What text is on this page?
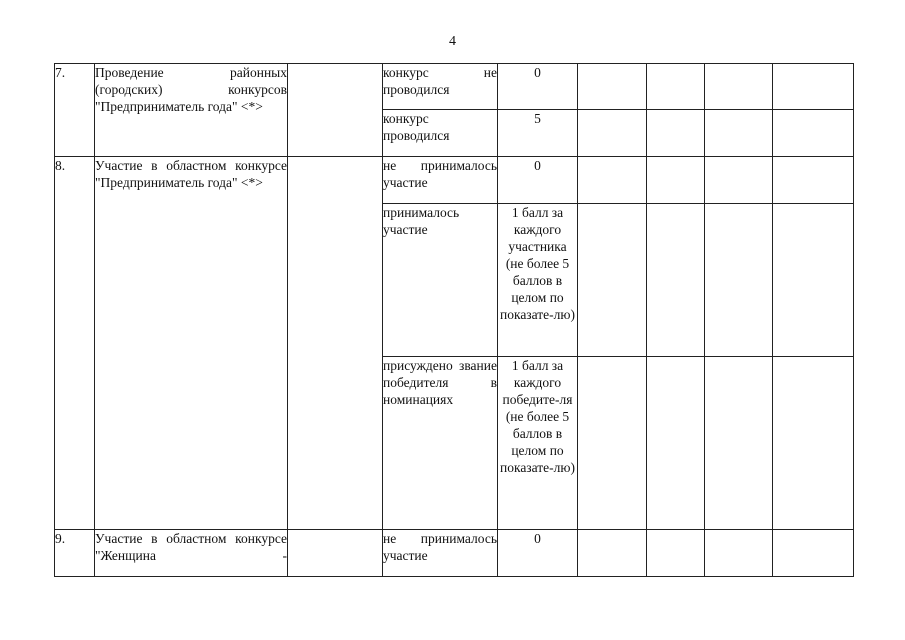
4
7.	Проведение районных (городских) конкурсов "Предприниматель года" <*>		конкурс не проводился	0				

			конкурс проводился	5				
8.	Участие в областном конкурсе "Предприниматель года" <*>		не принималось участие	0				

			принималось участие	1 балл за каждого участника (не более 5 баллов в целом по показате-лю)				

			присуждено звание победителя в номинациях	1 балл за каждого победите-ля (не более 5 баллов в целом по показате-лю)				

9.	Участие в областном конкурсе "Женщина -		не принималось участие	0				
